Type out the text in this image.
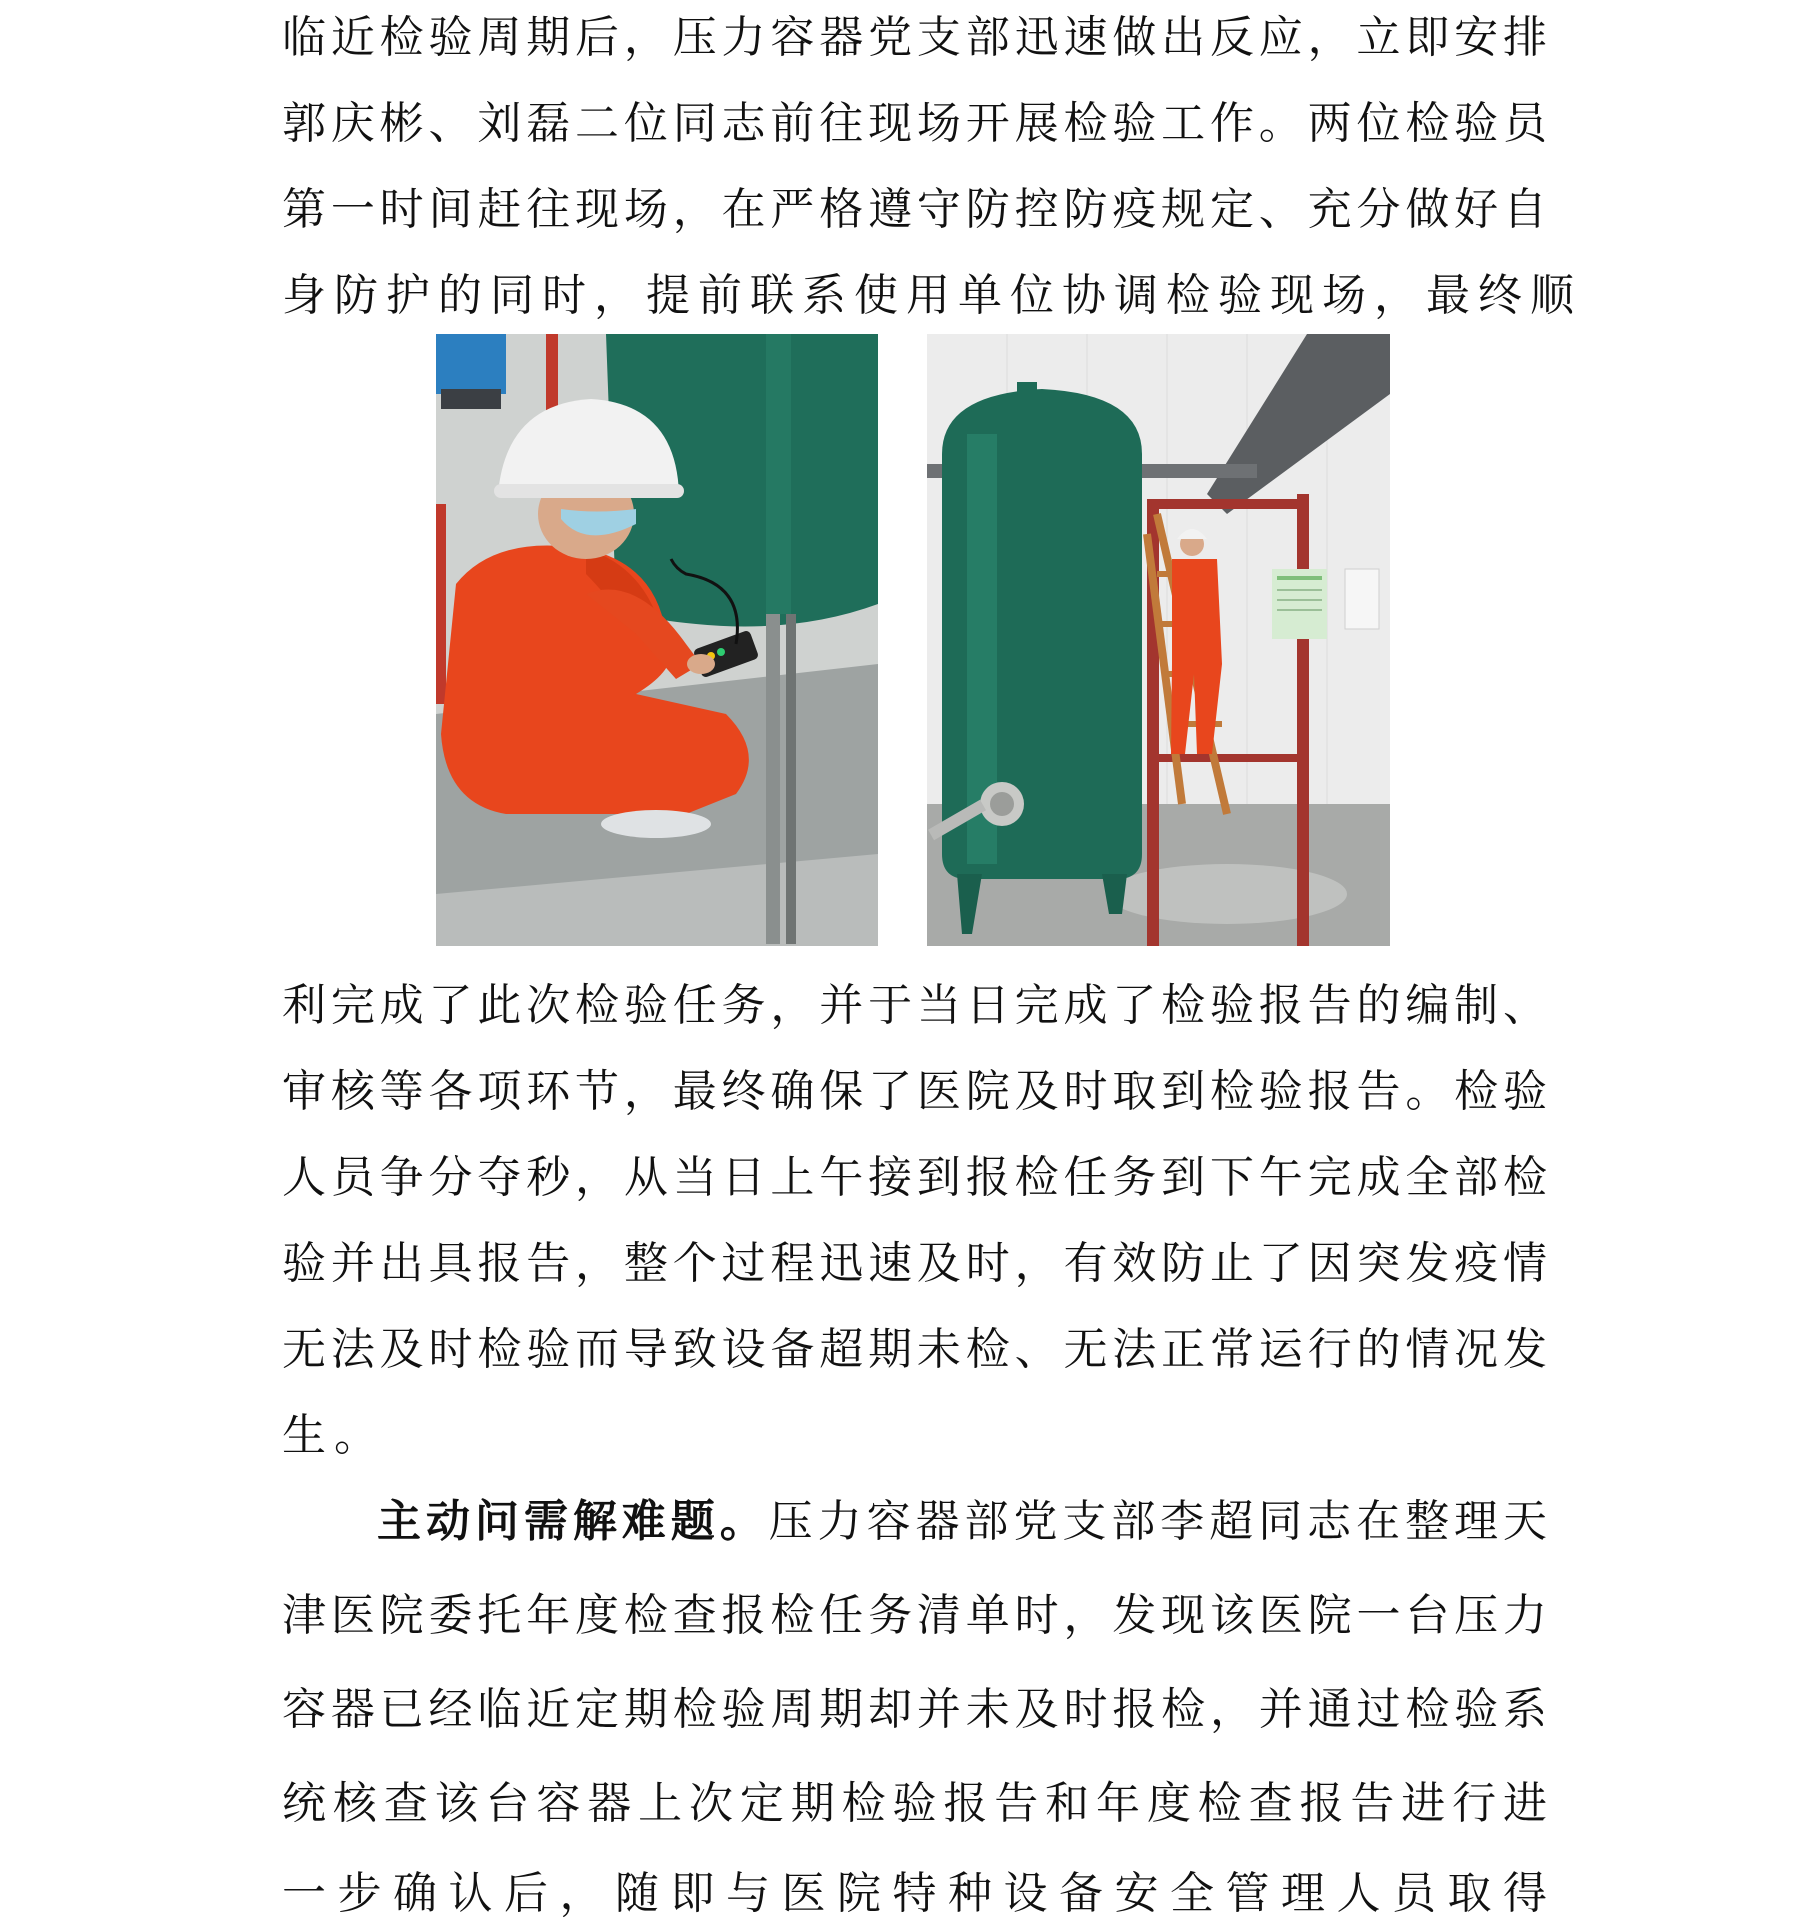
临近检验周期后，压力容器党支部迅速做出反应，立即安排
郭庆彬、刘磊二位同志前往现场开展检验工作。两位检验员
第一时间赶往现场，在严格遵守防控防疫规定、充分做好自
身防护的同时，提前联系使用单位协调检验现场，最终顺
利完成了此次检验任务，并于当日完成了检验报告的编制、
审核等各项环节，最终确保了医院及时取到检验报告。检验
人员争分夺秒，从当日上午接到报检任务到下午完成全部检
验并出具报告，整个过程迅速及时，有效防止了因突发疫情
无法及时检验而导致设备超期未检、无法正常运行的情况发
生。
主动问需解难题。压力容器部党支部李超同志在整理天
津医院委托年度检查报检任务清单时，发现该医院一台压力
容器已经临近定期检验周期却并未及时报检，并通过检验系
统核查该台容器上次定期检验报告和年度检查报告进行进
一步确认后，随即与医院特种设备安全管理人员取得
